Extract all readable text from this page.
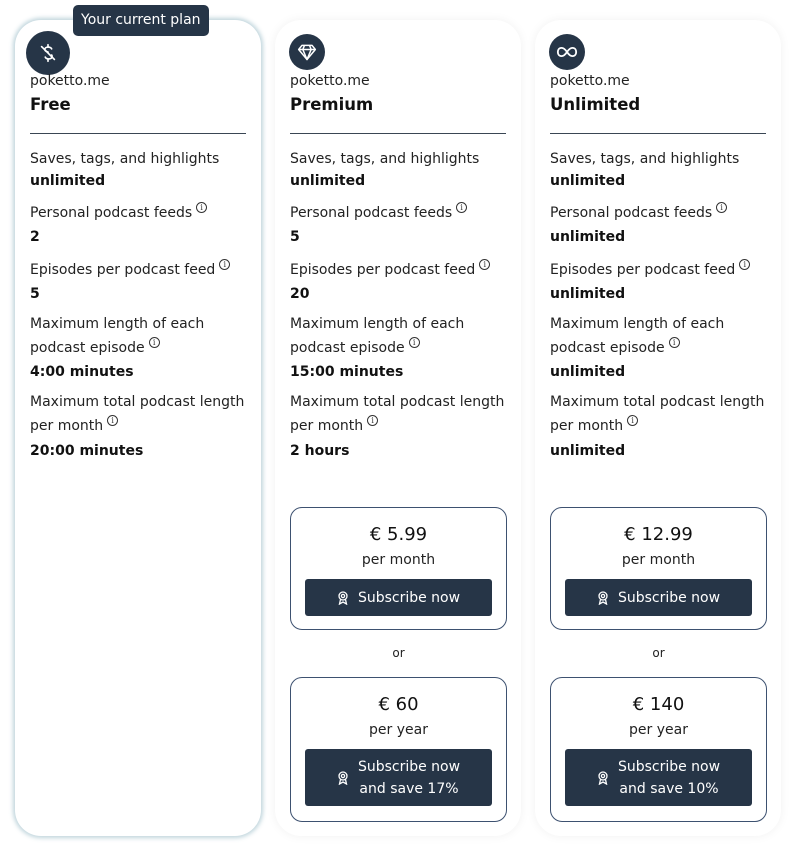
poketto.me
Free
Saves, tags, and highlights
unlimited
Personal podcast feeds i
2
Episodes per podcast feed i
5
Maximum length of each podcast episode i
4:00 minutes
Maximum total podcast length per month i
20:00 minutes
Your current plan
poketto.me
Premium
Saves, tags, and highlights
unlimited
Personal podcast feeds i
5
Episodes per podcast feed i
20
Maximum length of each podcast episode i
15:00 minutes
Maximum total podcast length per month i
2 hours
€ 5.99
per month
Subscribe now
or
€ 60
per year
Subscribe now
and save 17%
poketto.me
Unlimited
Saves, tags, and highlights
unlimited
Personal podcast feeds i
unlimited
Episodes per podcast feed i
unlimited
Maximum length of each podcast episode i
unlimited
Maximum total podcast length per month i
unlimited
€ 12.99
per month
Subscribe now
or
€ 140
per year
Subscribe now
and save 10%
